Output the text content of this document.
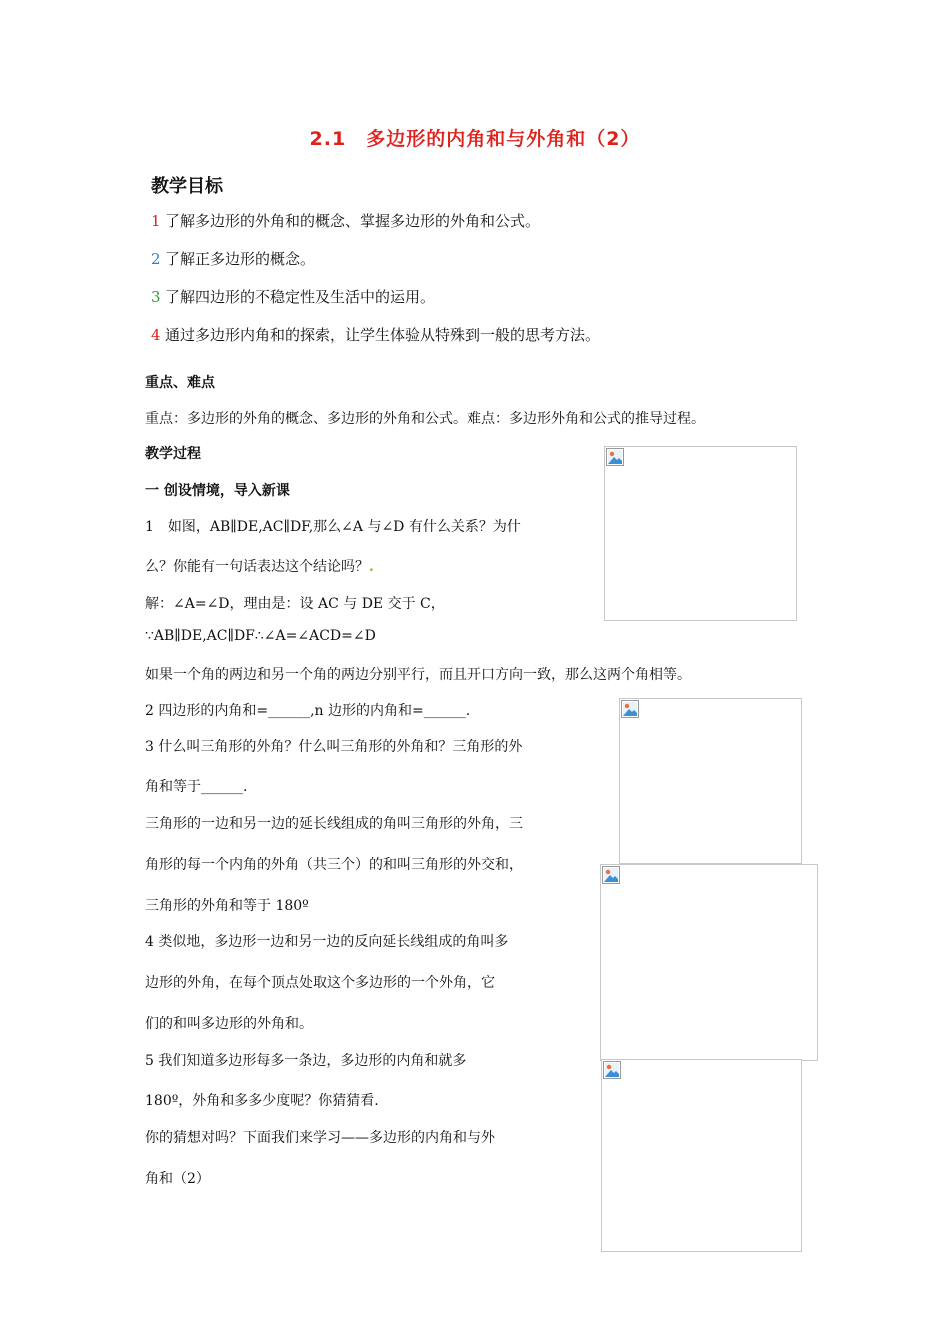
2.1　多边形的内角和与外角和（2）
教学目标
1 了解多边形的外角和的概念、掌握多边形的外角和公式。
2 了解正多边形的概念。
3 了解四边形的不稳定性及生活中的运用。
4 通过多边形内角和的探索，让学生体验从特殊到一般的思考方法。
重点、难点
重点：多边形的外角的概念、多边形的外角和公式。难点：多边形外角和公式的推导过程。
教学过程
一 创设情境，导入新课
1　如图，AB∥DE,AC∥DF,那么∠A 与∠D 有什么关系？为什
么？你能有一句话表达这个结论吗？.
解：∠A=∠D，理由是：设 AC 与 DE 交于 C，
∵AB∥DE,AC∥DF∴∠A=∠ACD=∠D
如果一个角的两边和另一个角的两边分别平行，而且开口方向一致，那么这两个角相等。
2 四边形的内角和=______,n 边形的内角和=______.
3 什么叫三角形的外角？什么叫三角形的外角和？三角形的外
角和等于______.
三角形的一边和另一边的延长线组成的角叫三角形的外角，三
角形的每一个内角的外角（共三个）的和叫三角形的外交和，
三角形的外角和等于 180º
4 类似地，多边形一边和另一边的反向延长线组成的角叫多
边形的外角，在每个顶点处取这个多边形的一个外角，它
们的和叫多边形的外角和。
5 我们知道多边形每多一条边，多边形的内角和就多
180º，外角和多多少度呢？你猜猜看.
你的猜想对吗？下面我们来学习——多边形的内角和与外
角和（2）
